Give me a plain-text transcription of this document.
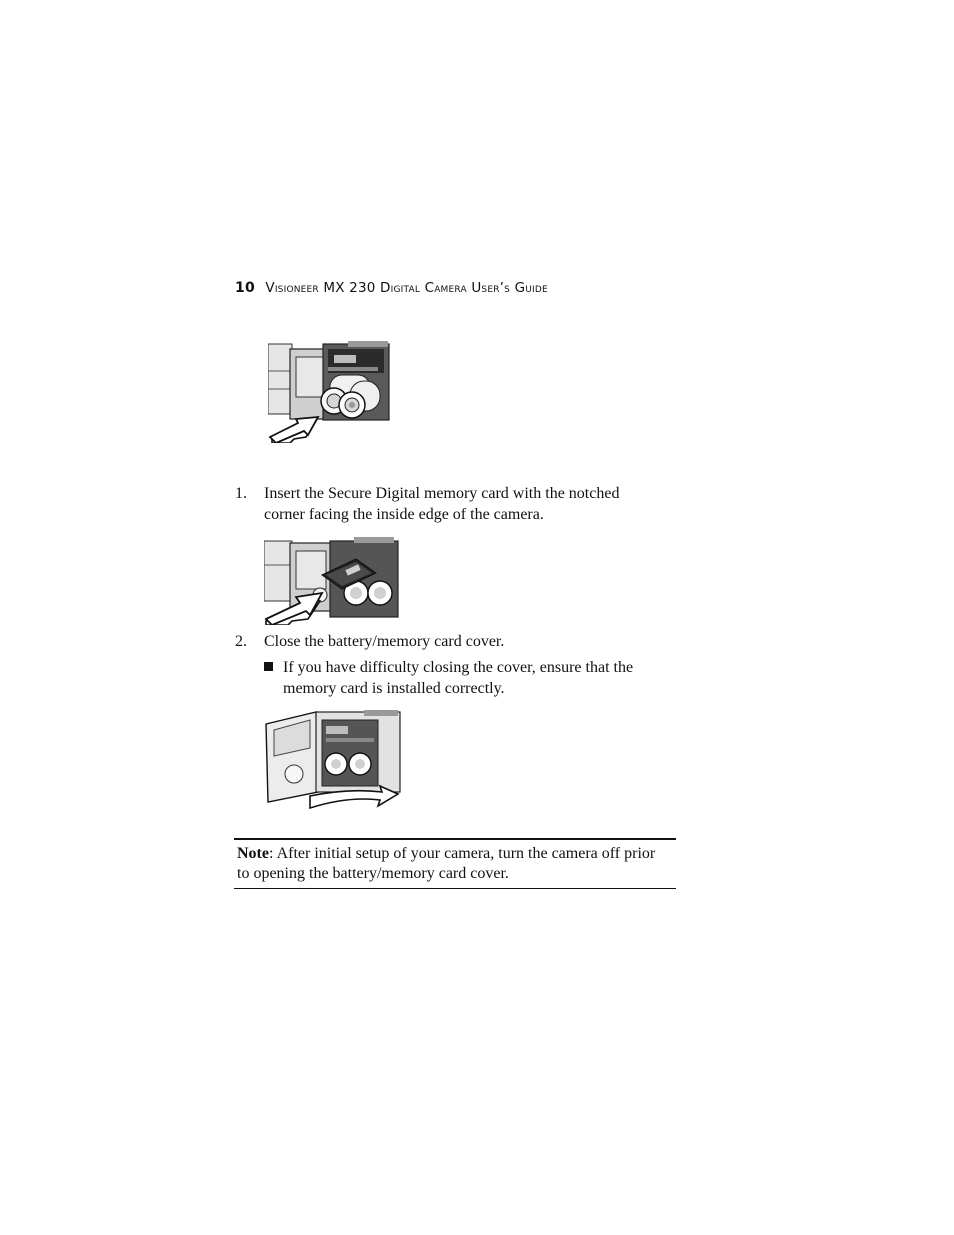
10 Visioneer MX 230 Digital Camera User’s Guide
1. Insert the Secure Digital memory card with the notched corner facing the inside edge of the camera.
2. Close the battery/memory card cover.
If you have difficulty closing the cover, ensure that the memory card is installed correctly.
Note: After initial setup of your camera, turn the camera off prior to opening the battery/memory card cover.
